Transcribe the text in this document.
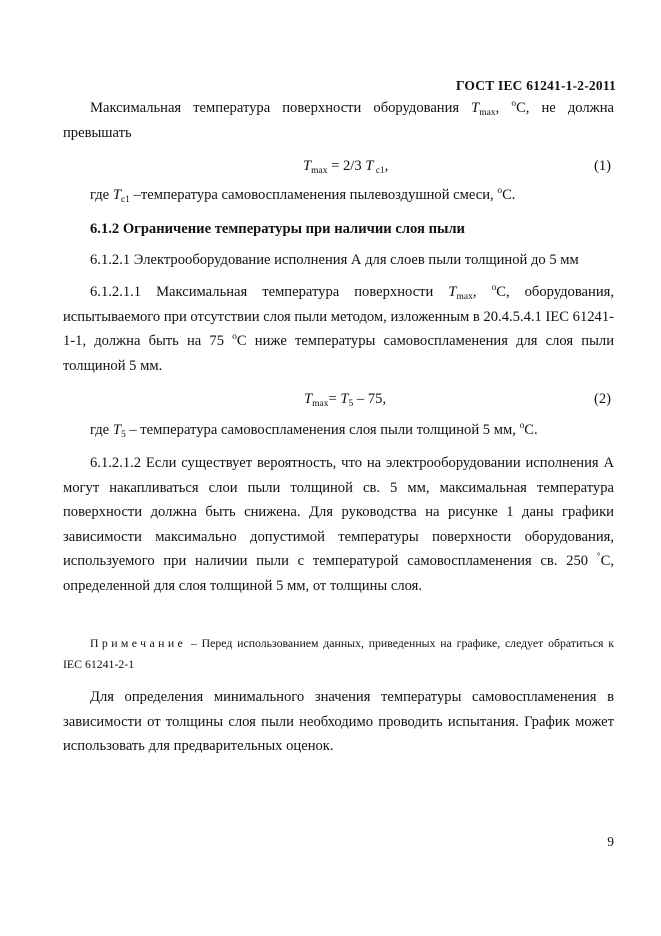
ГОСТ IEC 61241-1-2-2011

Максимальная температура поверхности оборудования $T_{max}$, $^o$С, не должна превышать

$T_{max} = 2/3$ T $_{c1}$,	(1)

где $T_{c1}$ –температура самовоспламенения пылевоздушной смеси, $^o$С.

6.1.2 Ограничение температуры при наличии слоя пыли

6.1.2.1 Электрооборудование исполнения А для слоев пыли толщиной до 5 мм

6.1.2.1.1 Максимальная температура поверхности $T_{max}$, $^о$С, оборудования, испытываемого при отсутствии слоя пыли методом, изложенным в 20.4.5.4.1 IEC 61241-1-1, должна быть на 75 $^о$С ниже температуры самовоспламенения для слоя пыли толщиной 5 мм.

$T_{max}= T_5 - 75$,	(2)

где $T_5$ – температура самовоспламенения слоя пыли толщиной 5 мм, $^o$С.

6.1.2.1.2 Если существует вероятность, что на электрооборудовании исполнения А могут накапливаться слои пыли толщиной св. 5 мм, максимальная температура поверхности должна быть снижена. Для руководства на рисунке 1 даны графики зависимости максимально допустимой температуры поверхности оборудования, используемого при наличии пыли с температурой самовоспламенения св. 250 °С, определенной для слоя толщиной 5 мм, от толщины слоя.

Примечание – Перед использованием данных, приведенных на графике, следует обратиться к IEC 61241-2-1

Для определения минимального значения температуры самовоспламенения в зависимости от толщины слоя пыли необходимо проводить испытания. График может использовать для предварительных оценок.

9
